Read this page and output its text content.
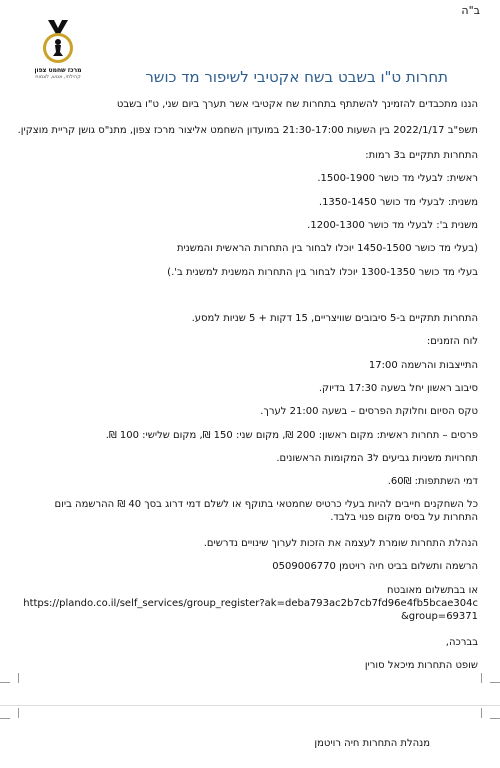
ב"ה
מרכז שחמט צפון
קהילתי, אנוש, לצמוח	תחרות ט"ו בשבט בשח אקטיבי לשיפור מד כושר
הננו מתכבדים להזמינך להשתתף בתחרות שח אקטיבי אשר תערך ביום שני, ט"ו בשבט
תשפ"ב 2022/1/17 בין השעות 21:30-17:00 במועדון השחמט אליצור מרכז צפון, מתנ"ס גושן קריית מוצקין.
התחרות תתקיים ב3 רמות:
ראשית: לבעלי מד כושר 1500-1900.
משנית: לבעלי מד כושר 1350-1450.
משנית ב': לבעלי מד כושר 1200-1300.
(בעלי מד כושר 1450-1500 יוכלו לבחור בין התחרות הראשית והמשנית
בעלי מד כושר 1300-1350 יוכלו לבחור בין התחרות המשנית למשנית ב'.)
התחרות תתקיים ב-5 סיבובים שוויצריים, 15 דקות + 5 שניות למסע.
לוח הזמנים:
התייצבות והרשמה 17:00
סיבוב ראשון יחל בשעה 17:30 בדיוק.
טקס הסיום וחלוקת הפרסים – בשעה 21:00 לערך.
פרסים – תחרות ראשית: מקום ראשון: 200 ₪, מקום שני: 150 ₪, מקום שלישי: 100 ₪.
תחרויות משניות גביעים ל3 המקומות הראשונים.
דמי השתתפות: 60₪.
כל השחקנים חייבים להיות בעלי כרטיס שחמטאי בתוקף או לשלם דמי דרוג בסך 40 ₪ ההרשמה ביום התחרות על בסיס מקום פנוי בלבד.
הנהלת התחרות שומרת לעצמה את הזכות לערוך שינויים נדרשים.
הרשמה ותשלום בביט חיה רויטמן 0509006770
או בבתשלום מאובטח
https://plando.co.il/self_services/group_register?ak=deba793ac2b7cb7fd96e4fb5bcae304c&group=69371
בברכה,
שופט התחרות מיכאל סורין
מנהלת התחרות חיה רויטמן
